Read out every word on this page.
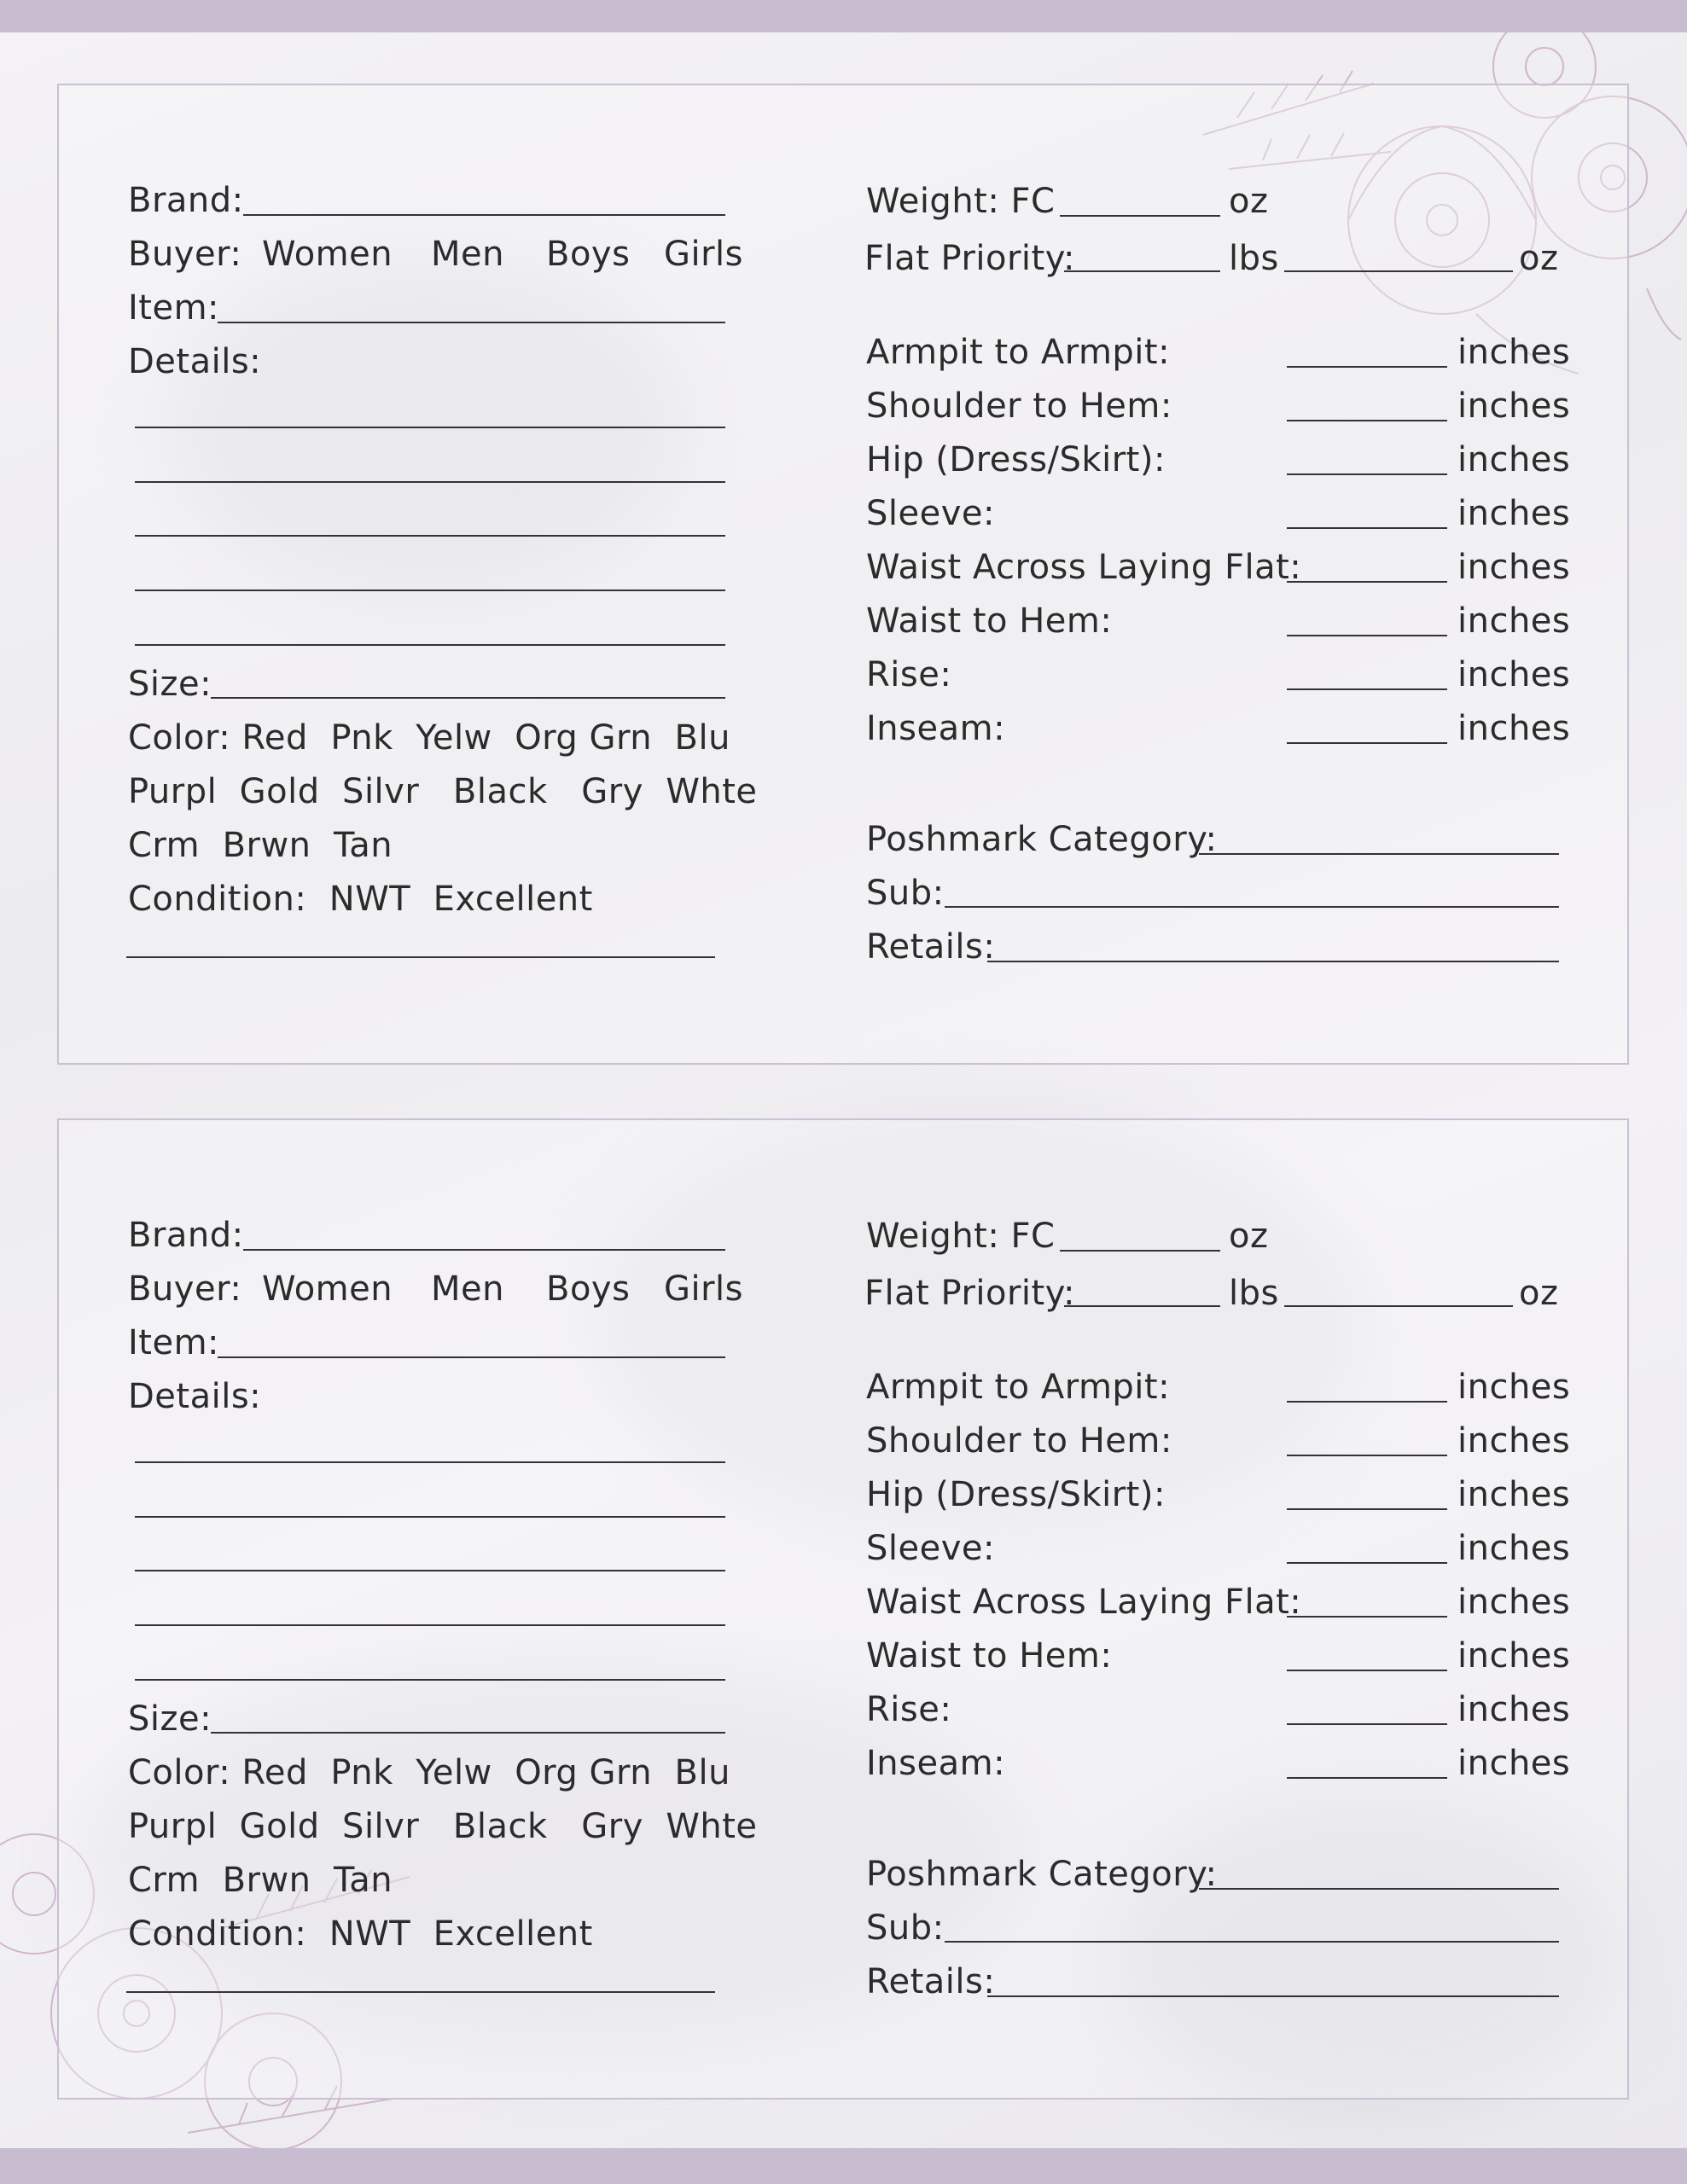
Brand:
Buyer: Women Men Boys Girls
Item:
Details:
Size:
Color: Red  Pnk  Yelw  Org Grn  Blu
Purpl  Gold  Silvr   Black   Gry  Whte
Crm  Brwn  Tan
Condition:  NWT  Excellent
Weight: FC	oz
Flat Priority:	lbs	oz
Armpit to Armpit:	inches
Shoulder to Hem:	inches
Hip (Dress/Skirt):	inches
Sleeve:	inches
Waist Across Laying Flat:	inches
Waist to Hem:	inches
Rise:	inches
Inseam:	inches
Poshmark Category:
Sub:
Retails:
Brand:
Buyer: Women Men Boys Girls
Item:
Details:
Size:
Color: Red  Pnk  Yelw  Org Grn  Blu
Purpl  Gold  Silvr   Black   Gry  Whte
Crm  Brwn  Tan
Condition:  NWT  Excellent
Weight: FC	oz
Flat Priority:	lbs	oz
Armpit to Armpit:	inches
Shoulder to Hem:	inches
Hip (Dress/Skirt):	inches
Sleeve:	inches
Waist Across Laying Flat:	inches
Waist to Hem:	inches
Rise:	inches
Inseam:	inches
Poshmark Category:
Sub:
Retails:
